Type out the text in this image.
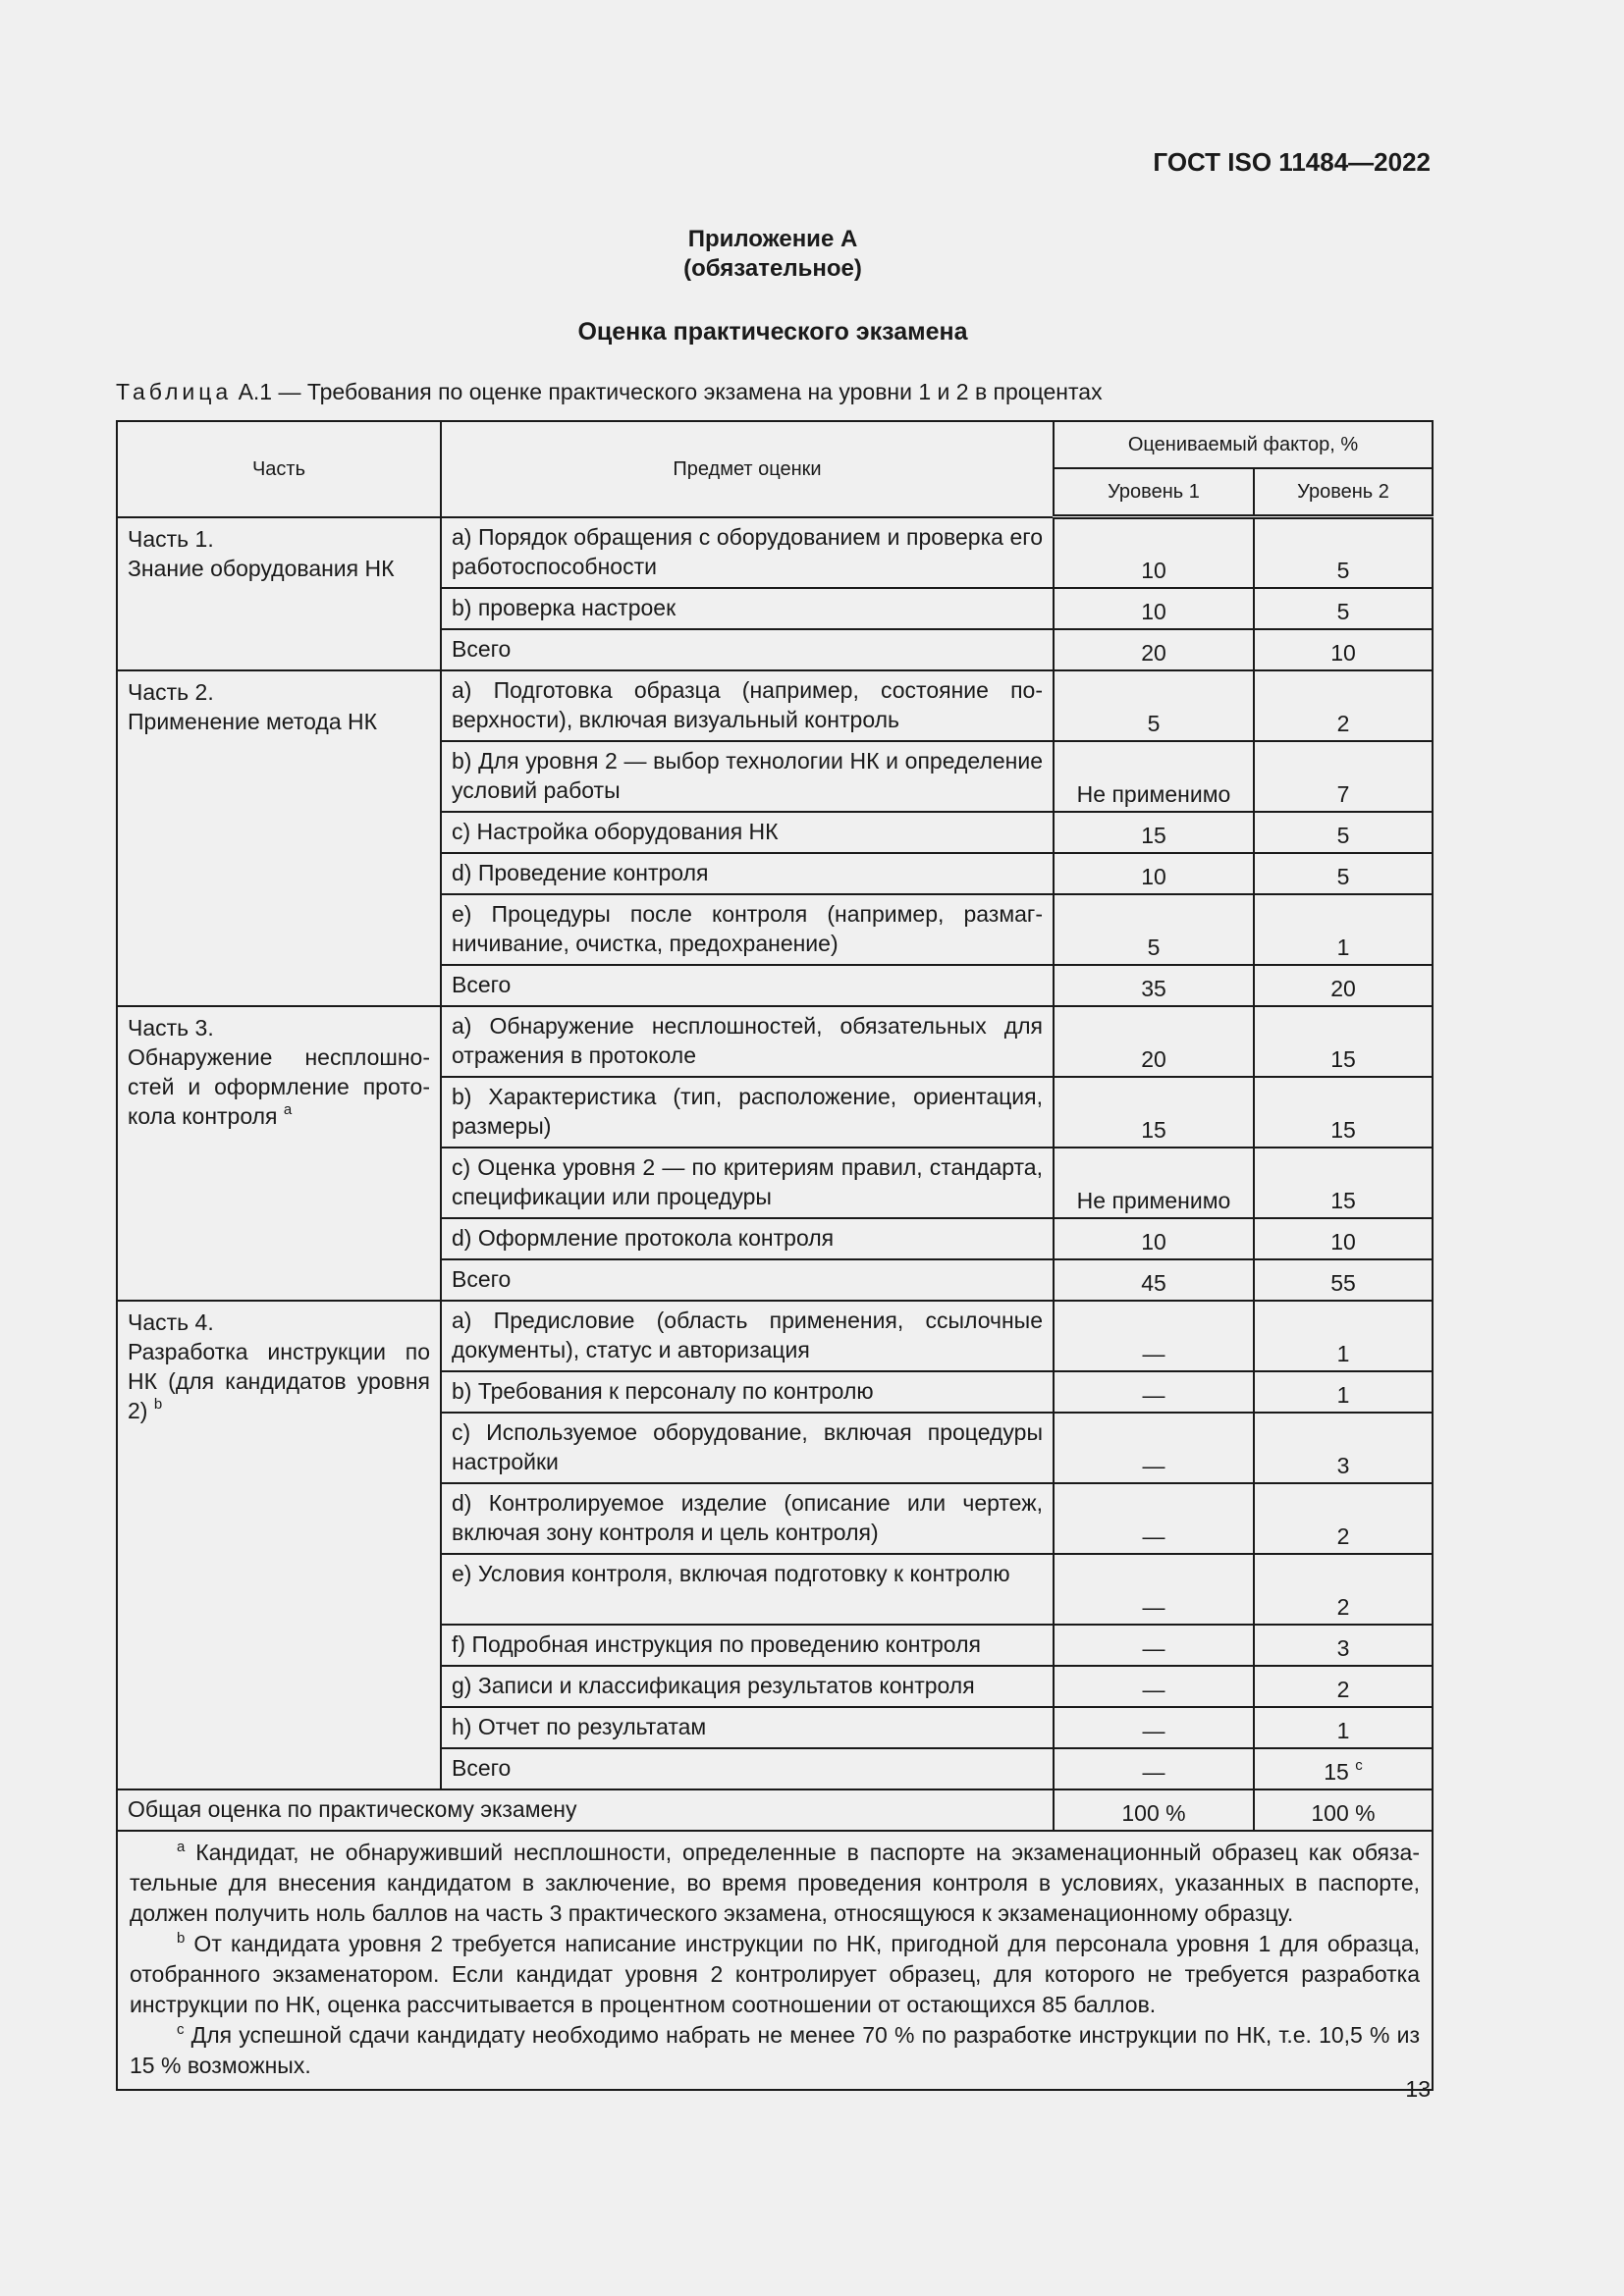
ГОСТ ISO 11484—2022
Приложение А
(обязательное)
Оценка практического экзамена
Таблица А.1 — Требования по оценке практического экзамена на уровни 1 и 2 в процентах
Часть	Предмет оценки	Оцениваемый фактор, %	
		Уровень 1	Уровень 2

Часть 1.
Знание оборудования НК	a) Порядок обращения с оборудованием и проверка его работоспособности	10	5
	b) проверка настроек	10	5
	Всего	20	10

Часть 2.
Применение метода НК	a) Подготовка образца (например, состояние поверхности), включая визуальный контроль	5	2
	b) Для уровня 2 — выбор технологии НК и определение условий работы	Не применимо	7
	c) Настройка оборудования НК	15	5
	d) Проведение контроля	10	5
	e) Процедуры после контроля (например, размагничивание, очистка, предохранение)	5	1
	Всего	35	20

Часть 3.
Обнаружение несплошностей и оформление протокола контроля $^a$	a) Обнаружение несплошностей, обязательных для отражения в протоколе	20	15
	b) Характеристика (тип, расположение, ориентация, размеры)	15	15
	c) Оценка уровня 2 — по критериям правил, стандарта, спецификации или процедуры	Не применимо	15
	d) Оформление протокола контроля	10	10
	Всего	45	55

Часть 4.
Разработка инструкции по НК (для кандидатов уровня 2) $^b$	a) Предисловие (область применения, ссылочные документы), статус и авторизация	—	1
	b) Требования к персоналу по контролю	—	1
	c) Используемое оборудование, включая процедуры настройки	—	3
	d) Контролируемое изделие (описание или чертеж, включая зону контроля и цель контроля)	—	2
	e) Условия контроля, включая подготовку к контролю	—	2
	f) Подробная инструкция по проведению контроля	—	3
	g) Записи и классификация результатов контроля	—	2
	h) Отчет по результатам	—	1
	Всего	—	15 $^c$
Общая оценка по практическому экзамену		100 %	100 %

$^a$ Кандидат, не обнаруживший несплошности, определенные в паспорте на экзаменационный образец как обязательные для внесения кандидатом в заключение, во время проведения контроля в условиях, указанных в паспорте, должен получить ноль баллов на часть 3 практического экзамена, относящуюся к экзаменационному образцу.
$^b$ От кандидата уровня 2 требуется написание инструкции по НК, пригодной для персонала уровня 1 для образца, отобранного экзаменатором. Если кандидат уровня 2 контролирует образец, для которого не требуется разработка инструкции по НК, оценка рассчитывается в процентном соотношении от остающихся 85 баллов.
$^c$ Для успешной сдачи кандидату необходимо набрать не менее 70 % по разработке инструкции по НК, т.е. 10,5 % из 15 % возможных.			
13
